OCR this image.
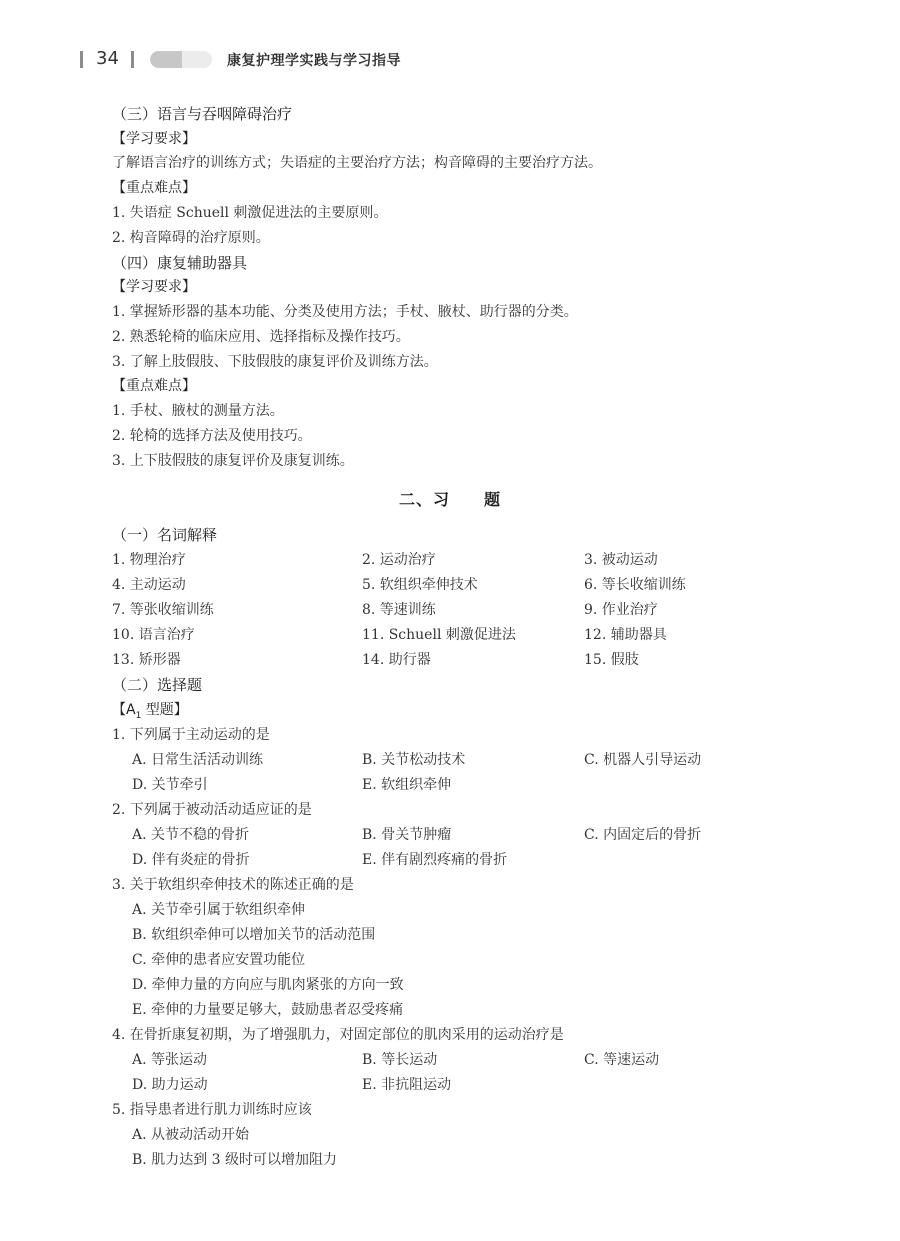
34	康复护理学实践与学习指导
（三）语言与吞咽障碍治疗
【学习要求】
了解语言治疗的训练方式；失语症的主要治疗方法；构音障碍的主要治疗方法。
【重点难点】
1. 失语症 Schuell 刺激促进法的主要原则。
2. 构音障碍的治疗原则。
（四）康复辅助器具
【学习要求】
1. 掌握矫形器的基本功能、分类及使用方法；手杖、腋杖、助行器的分类。
2. 熟悉轮椅的临床应用、选择指标及操作技巧。
3. 了解上肢假肢、下肢假肢的康复评价及训练方法。
【重点难点】
1. 手杖、腋杖的测量方法。
2. 轮椅的选择方法及使用技巧。
3. 上下肢假肢的康复评价及康复训练。
二、习　　题
（一）名词解释
1. 物理治疗	2. 运动治疗	3. 被动运动
4. 主动运动	5. 软组织牵伸技术	6. 等长收缩训练
7. 等张收缩训练	8. 等速训练	9. 作业治疗
10. 语言治疗	11. Schuell 刺激促进法	12. 辅助器具
13. 矫形器	14. 助行器	15. 假肢
（二）选择题
【$A_1$ 型题】
1. 下列属于主动运动的是
A. 日常生活活动训练	B. 关节松动技术	C. 机器人引导运动
D. 关节牵引	E. 软组织牵伸
2. 下列属于被动活动适应证的是
A. 关节不稳的骨折	B. 骨关节肿瘤	C. 内固定后的骨折
D. 伴有炎症的骨折	E. 伴有剧烈疼痛的骨折
3. 关于软组织牵伸技术的陈述正确的是
A. 关节牵引属于软组织牵伸
B. 软组织牵伸可以增加关节的活动范围
C. 牵伸的患者应安置功能位
D. 牵伸力量的方向应与肌肉紧张的方向一致
E. 牵伸的力量要足够大，鼓励患者忍受疼痛
4. 在骨折康复初期，为了增强肌力，对固定部位的肌肉采用的运动治疗是
A. 等张运动	B. 等长运动	C. 等速运动
D. 助力运动	E. 非抗阻运动
5. 指导患者进行肌力训练时应该
A. 从被动活动开始
B. 肌力达到 3 级时可以增加阻力
